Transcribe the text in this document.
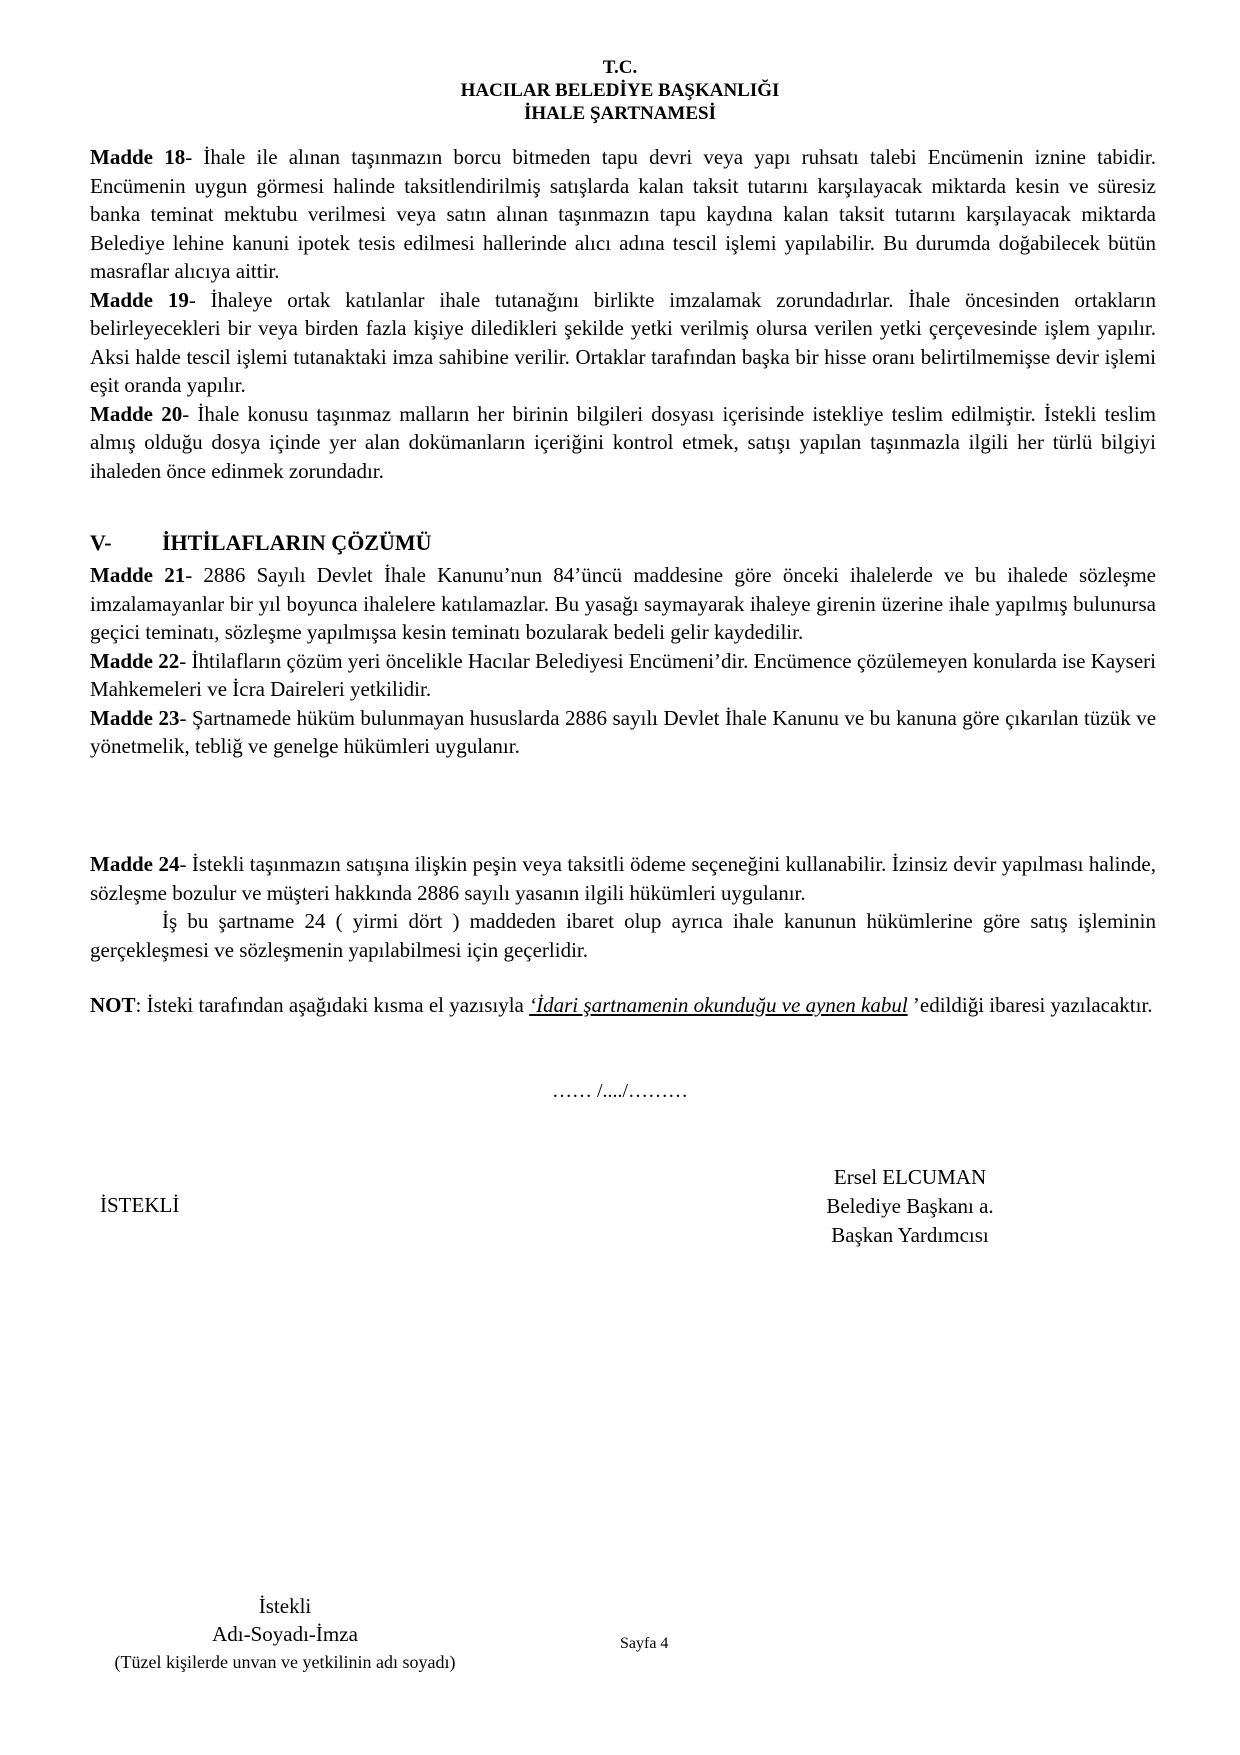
T.C.
HACILAR BELEDİYE BAŞKANLIĞI
İHALE ŞARTNAMESİ

Madde 18- İhale ile alınan taşınmazın borcu bitmeden tapu devri veya yapı ruhsatı talebi Encümenin iznine tabidir. Encümenin uygun görmesi halinde taksitlendirilmiş satışlarda kalan taksit tutarını karşılayacak miktarda kesin ve süresiz banka teminat mektubu verilmesi veya satın alınan taşınmazın tapu kaydına kalan taksit tutarını karşılayacak miktarda Belediye lehine kanuni ipotek tesis edilmesi hallerinde alıcı adına tescil işlemi yapılabilir. Bu durumda doğabilecek bütün masraflar alıcıya aittir.

Madde 19- İhaleye ortak katılanlar ihale tutanağını birlikte imzalamak zorundadırlar. İhale öncesinden ortakların belirleyecekleri bir veya birden fazla kişiye diledikleri şekilde yetki verilmiş olursa verilen yetki çerçevesinde işlem yapılır. Aksi halde tescil işlemi tutanaktaki imza sahibine verilir. Ortaklar tarafından başka bir hisse oranı belirtilmemişse devir işlemi eşit oranda yapılır.

Madde 20- İhale konusu taşınmaz malların her birinin bilgileri dosyası içerisinde istekliye teslim edilmiştir. İstekli teslim almış olduğu dosya içinde yer alan dokümanların içeriğini kontrol etmek, satışı yapılan taşınmazla ilgili her türlü bilgiyi ihaleden önce edinmek zorundadır.

V- İHTİLAFLARIN ÇÖZÜMÜ

Madde 21- 2886 Sayılı Devlet İhale Kanunu’nun 84’üncü maddesine göre önceki ihalelerde ve bu ihalede sözleşme imzalamayanlar bir yıl boyunca ihalelere katılamazlar. Bu yasağı saymayarak ihaleye girenin üzerine ihale yapılmış bulunursa geçici teminatı, sözleşme yapılmışsa kesin teminatı bozularak bedeli gelir kaydedilir.

Madde 22- İhtilafların çözüm yeri öncelikle Hacılar Belediyesi Encümeni’dir. Encümence çözülemeyen konularda ise Kayseri Mahkemeleri ve İcra Daireleri yetkilidir.

Madde 23- Şartnamede hüküm bulunmayan hususlarda 2886 sayılı Devlet İhale Kanunu ve bu kanuna göre çıkarılan tüzük ve yönetmelik, tebliğ ve genelge hükümleri uygulanır.

Madde 24- İstekli taşınmazın satışına ilişkin peşin veya taksitli ödeme seçeneğini kullanabilir. İzinsiz devir yapılması halinde, sözleşme bozulur ve müşteri hakkında 2886 sayılı yasanın ilgili hükümleri uygulanır.

İş bu şartname 24 ( yirmi dört ) maddeden ibaret olup ayrıca ihale kanunun hükümlerine göre satış işleminin gerçekleşmesi ve sözleşmenin yapılabilmesi için geçerlidir.

NOT: İsteki tarafından aşağıdaki kısma el yazısıyla ‘İdari şartnamenin okunduğu ve aynen kabul ’edildiği ibaresi yazılacaktır.

…… /..../………
İSTEKLİ
Ersel ELCUMAN
Belediye Başkanı a.
Başkan Yardımcısı
İstekli
Adı-Soyadı-İmza
(Tüzel kişilerde unvan ve yetkilinin adı soyadı)
Sayfa 4
